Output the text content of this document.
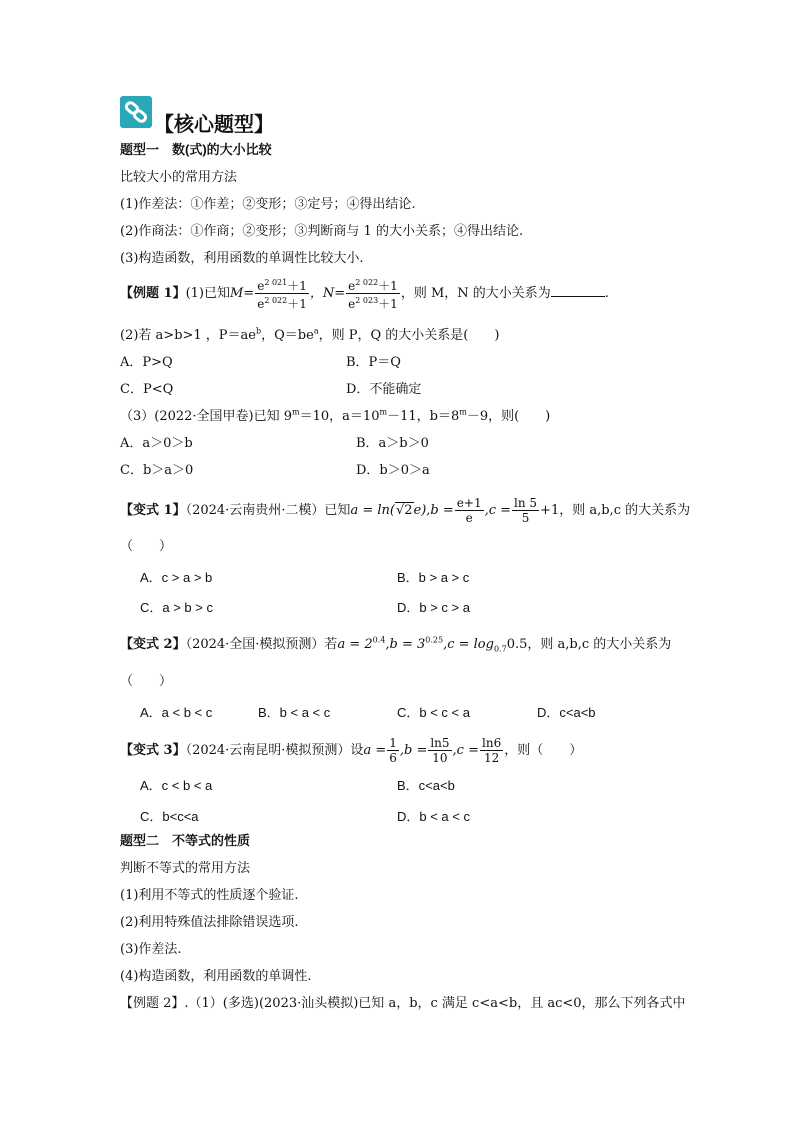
【核心题型】
题型一　数(式)的大小比较
比较大小的常用方法
(1)作差法：①作差；②变形；③定号；④得出结论.
(2)作商法：①作商；②变形；③判断商与 1 的大小关系；④得出结论.
(3)构造函数，利用函数的单调性比较大小.
【例题 1】(1)已知$M= \frac{e^{2 021}+1}{e^{2 022}+1}$ ，$N= \frac{e^{2 022}+1}{e^{2 023}+1}$ ，则 M，N 的大小关系为	.
(2)若 a>b>1 ，$P=ae^b$，$Q=be^a$，则 P，Q 的大小关系是(　　)
A．P>Q	B．P＝Q
C．P<Q	D．不能确定
（3）(2022·全国甲卷)已知 $9^m=10$，$a=10^m-11$，$b=8^m-9$，则(　　)
A．a＞0＞b	B．a＞b＞0
C．b＞a＞0	D．b＞0＞a
【变式 1】（2024·云南贵州·二模）已知$a = \ln(√2e),b = \frac{e+1}{e} ,c = \frac{\ln 5}{5} +1$，则 a,b,c 的大关系为
（　　）
A．c > a > b	B．b > a > c
C．a > b > c	D．b > c > a
【变式 2】（2024·全国·模拟预测）若$a = 2^{0.4},b = 3^{0.25},c = \log_{0.7}0.5$，则 a,b,c 的大小关系为
（　　）
A．a < b < c	B．b < a < c	C．b < c < a	D．c<a<b
【变式 3】（2024·云南昆明·模拟预测）设$a = \frac{1}{6} ,b = \frac{\ln 5}{10} ,c = \frac{\ln 6}{12}$ ，则（　　）
A．c < b < a	B．c<a<b
C．b<c<a	D．b < a < c
题型二　不等式的性质
判断不等式的常用方法
(1)利用不等式的性质逐个验证.
(2)利用特殊值法排除错误选项.
(3)作差法.
(4)构造函数，利用函数的单调性.
【例题 2】.（1）(多选)(2023·汕头模拟)已知 a，b，c 满足 c<a<b，且 ac<0，那么下列各式中
